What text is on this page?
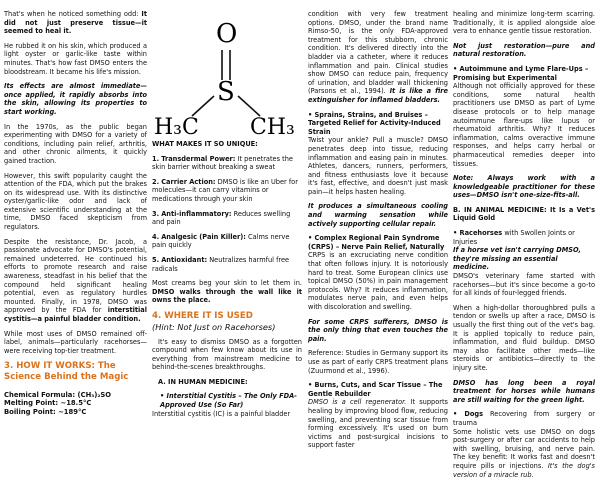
That's when he noticed something odd: It did not just preserve tissue—it seemed to heal it.

He rubbed it on his skin, which produced a light oyster or garlic-like taste within minutes. That's how fast DMSO enters the bloodstream. It became his life's mission.

Its effects are almost immediate—once applied, it rapidly absorbs into the skin, allowing its properties to start working.

In the 1970s, as the public began experimenting with DMSO for a variety of conditions, including pain relief, arthritis, and other chronic ailments, it quickly gained traction.

However, this swift popularity caught the attention of the FDA, which put the brakes on its widespread use. With its distinctive oyster/garlic-like odor and lack of extensive scientific understanding at the time, DMSO faced skepticism from regulators.

Despite the resistance, Dr. Jacob, a passionate advocate for DMSO's potential, remained undeterred. He continued his efforts to promote research and raise awareness, steadfast in his belief that the compound held significant healing potential, even as regulatory hurdles mounted. Finally, in 1978, DMSO was approved by the FDA for interstitial cystitis—a painful bladder condition.

While most uses of DMSO remained off-label, animals—particularly racehorses—were receiving top-tier treatment.

3. HOW IT WORKS: The Science Behind the Magic
Chemical Formula: (CH₃)₂SO
Melting Point: ~18.5°C
Boiling Point: ~189°C
O
S
H₃C CH₃

WHAT MAKES IT SO UNIQUE:

1. Transdermal Power: It penetrates the skin barrier without breaking a sweat
2. Carrier Action: DMSO is like an Uber for molecules—it can carry vitamins or medications through your skin
3. Anti-inflammatory: Reduces swelling and pain
4. Analgesic (Pain Killer): Calms nerve pain quickly
5. Antioxidant: Neutralizes harmful free radicals

Most creams beg your skin to let them in. DMSO walks through the wall like it owns the place.

4. WHERE IT IS USED
(Hint: Not Just on Racehorses)

It's easy to dismiss DMSO as a forgotten compound when few know about its use in everything from mainstream medicine to behind-the-scenes breakthroughs.

A. IN HUMAN MEDICINE:

• Interstitial Cystitis – The Only FDA-Approved Use (So Far)
Interstitial cystitis (IC) is a painful bladder

condition with very few treatment options. DMSO, under the brand name Rimso-50, is the only FDA-approved treatment for this stubborn, chronic condition. It's delivered directly into the bladder via a catheter, where it reduces inflammation and pain. Clinical studies show DMSO can reduce pain, frequency of urination, and bladder wall thickening (Parsons et al., 1994). It is like a fire extinguisher for inflamed bladders.

• Sprains, Strains, and Bruises – Targeted Relief for Activity-Induced Strain

Twist your ankle? Pull a muscle? DMSO penetrates deep into tissue, reducing inflammation and easing pain in minutes. Athletes, dancers, runners, performers, and fitness enthusiasts love it because it's fast, effective, and doesn't just mask pain—it helps hasten healing.

It produces a simultaneous cooling and warming sensation while actively supporting cellular repair.

• Complex Regional Pain Syndrome (CRPS) – Nerve Pain Relief, Naturally

CRPS is an excruciating nerve condition that often follows injury. It is notoriously hard to treat. Some European clinics use topical DMSO (50%) in pain management protocols. Why? It reduces inflammation, modulates nerve pain, and even helps with discoloration and swelling.

For some CRPS sufferers, DMSO is the only thing that even touches the pain.

Reference: Studies in Germany support its use as part of early CRPS treatment plans (Zuurmond et al., 1996).

• Burns, Cuts, and Scar Tissue – The Gentle Rebuilder

DMSO is a cell regenerator. It supports healing by improving blood flow, reducing swelling, and preventing scar tissue from forming excessively. It's used on burn victims and post-surgical incisions to support faster

healing and minimize long-term scarring. Traditionally, it is applied alongside aloe vera to enhance gentle tissue restoration.

Not just restoration—pure and natural restoration.

• Autoimmune and Lyme Flare-Ups – Promising but Experimental

Although not officially approved for these conditions, some natural health practitioners use DMSO as part of Lyme disease protocols or to help manage autoimmune flare-ups like lupus or rheumatoid arthritis. Why? It reduces inflammation, calms overactive immune responses, and helps carry herbal or pharmaceutical remedies deeper into tissues.

Note: Always work with a knowledgeable practitioner for these uses—DMSO isn't one-size-fits-all.

B. IN ANIMAL MEDICINE: It Is a Vet's Liquid Gold

• Racehorses with Swollen Joints or Injuries
If a horse vet isn't carrying DMSO, they're missing an essential medicine.

DMSO's veterinary fame started with racehorses—but it's since become a go-to for all kinds of four-legged friends.

When a high-dollar thoroughbred pulls a tendon or swells up after a race, DMSO is usually the first thing out of the vet's bag. It is applied topically to reduce pain, inflammation, and fluid buildup. DMSO may also facilitate other meds—like steroids or antibiotics—directly to the injury site.

DMSO has long been a royal treatment for horses while humans are still waiting for the green light.

• Dogs Recovering from surgery or trauma
Some holistic vets use DMSO on dogs post-surgery or after car accidents to help with swelling, bruising, and nerve pain. The key benefit: It works fast and doesn't require pills or injections. It's the dog's version of a miracle rub.
